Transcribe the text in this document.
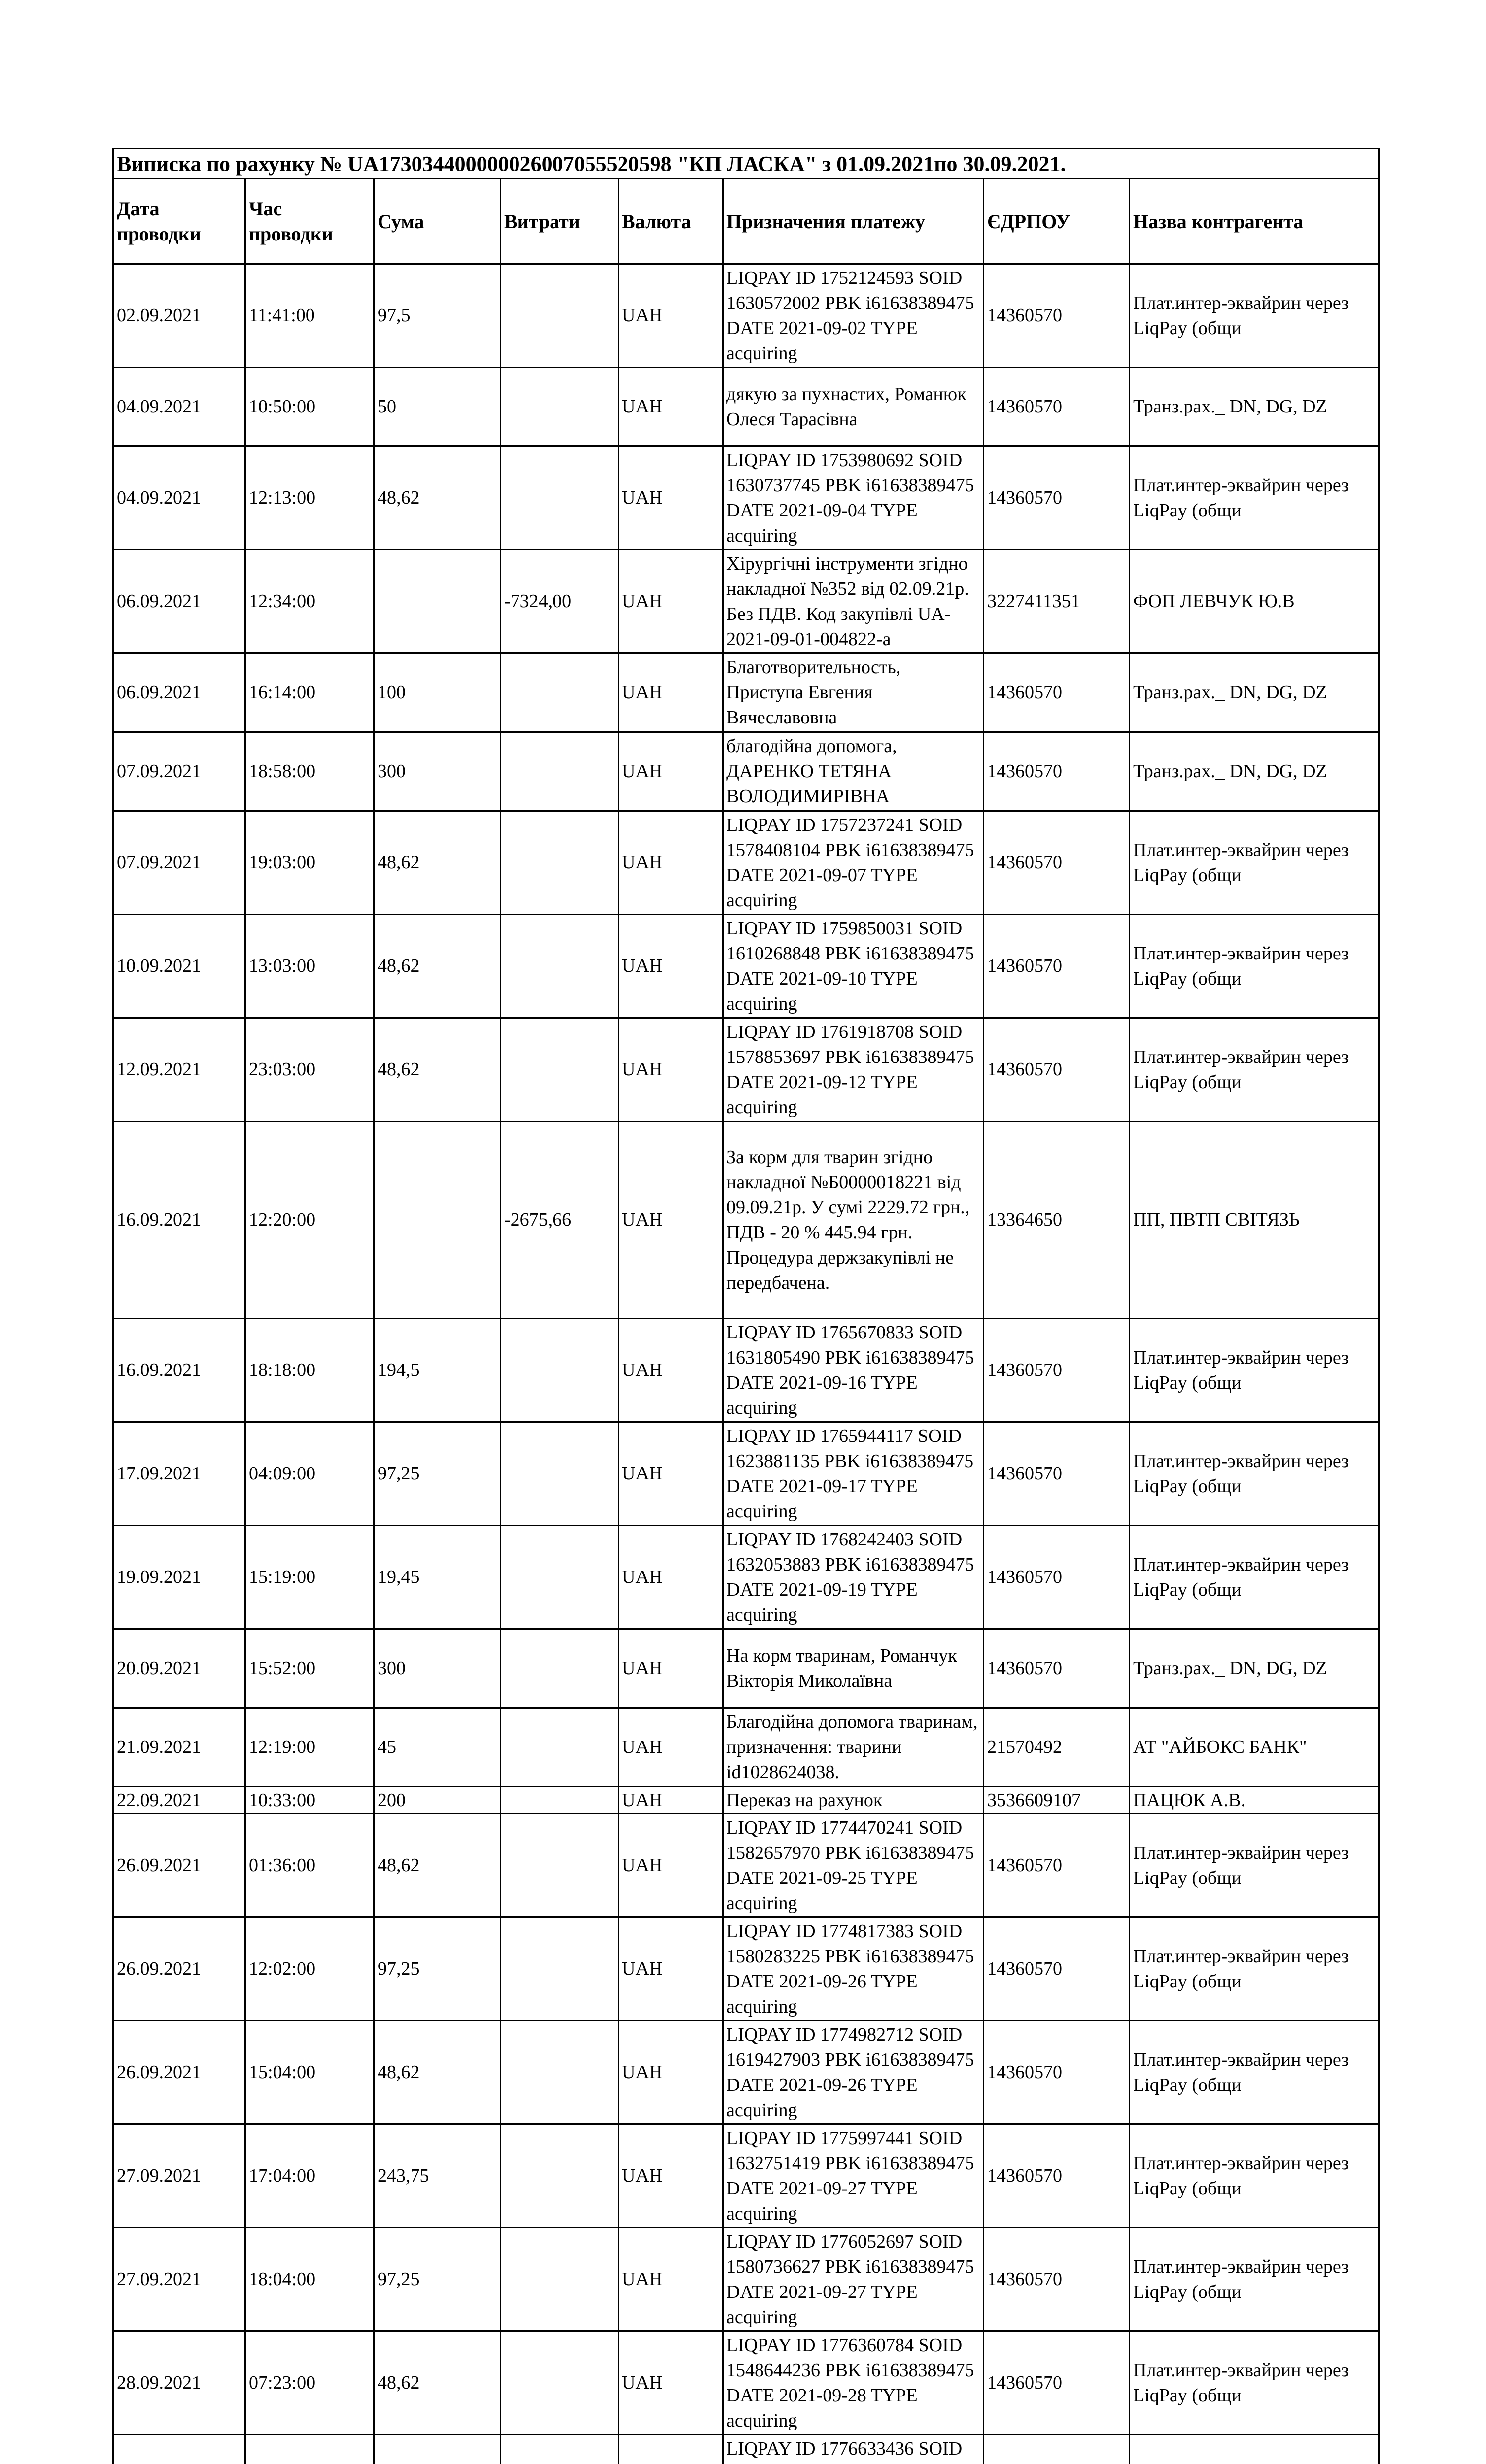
Виписка по рахунку № UA173034400000026007055520598 "КП ЛАСКА" з 01.09.2021по 30.09.2021.							
Дата проводки	Час проводки	Сума	Витрати	Валюта	Призначения платежу	ЄДРПОУ	Назва контрагента
02.09.2021	11:41:00	97,5		UAH	LIQPAY ID 1752124593 SOID 1630572002 PBK i61638389475 DATE 2021-09-02 TYPE acquiring	14360570	Плат.интер-эквайрин через LiqPay (общи
04.09.2021	10:50:00	50		UAH	дякую за пухнастих, Романюк Олеся Тарасівна	14360570	Транз.рах._ DN, DG, DZ
04.09.2021	12:13:00	48,62		UAH	LIQPAY ID 1753980692 SOID 1630737745 PBK i61638389475 DATE 2021-09-04 TYPE acquiring	14360570	Плат.интер-эквайрин через LiqPay (общи
06.09.2021	12:34:00		-7324,00	UAH	Хірургічні інструменти згідно накладної №352 від 02.09.21р. Без ПДВ. Код закупівлі UA-2021-09-01-004822-a	3227411351	ФОП ЛЕВЧУК Ю.В
06.09.2021	16:14:00	100		UAH	Благотворительность, Приступа Евгения Вячеславовна	14360570	Транз.рах._ DN, DG, DZ
07.09.2021	18:58:00	300		UAH	благодійна допомога, ДАРЕНКО ТЕТЯНА ВОЛОДИМИРІВНА	14360570	Транз.рах._ DN, DG, DZ
07.09.2021	19:03:00	48,62		UAH	LIQPAY ID 1757237241 SOID 1578408104 PBK i61638389475 DATE 2021-09-07 TYPE acquiring	14360570	Плат.интер-эквайрин через LiqPay (общи
10.09.2021	13:03:00	48,62		UAH	LIQPAY ID 1759850031 SOID 1610268848 PBK i61638389475 DATE 2021-09-10 TYPE acquiring	14360570	Плат.интер-эквайрин через LiqPay (общи
12.09.2021	23:03:00	48,62		UAH	LIQPAY ID 1761918708 SOID 1578853697 PBK i61638389475 DATE 2021-09-12 TYPE acquiring	14360570	Плат.интер-эквайрин через LiqPay (общи
16.09.2021	12:20:00		-2675,66	UAH	За корм для тварин згідно накладної №Б0000018221 від 09.09.21р. У сумі 2229.72 грн., ПДВ - 20 % 445.94 грн. Процедура держзакупівлі не передбачена.	13364650	ПП, ПВТП СВІТЯЗЬ
16.09.2021	18:18:00	194,5		UAH	LIQPAY ID 1765670833 SOID 1631805490 PBK i61638389475 DATE 2021-09-16 TYPE acquiring	14360570	Плат.интер-эквайрин через LiqPay (общи
17.09.2021	04:09:00	97,25		UAH	LIQPAY ID 1765944117 SOID 1623881135 PBK i61638389475 DATE 2021-09-17 TYPE acquiring	14360570	Плат.интер-эквайрин через LiqPay (общи
19.09.2021	15:19:00	19,45		UAH	LIQPAY ID 1768242403 SOID 1632053883 PBK i61638389475 DATE 2021-09-19 TYPE acquiring	14360570	Плат.интер-эквайрин через LiqPay (общи
20.09.2021	15:52:00	300		UAH	На корм тваринам, Романчук Вікторія Миколаївна	14360570	Транз.рах._ DN, DG, DZ
21.09.2021	12:19:00	45		UAH	Благодійна допомога тваринам, призначення: тварини id1028624038.	21570492	АТ "АЙБОКС БАНК"
22.09.2021	10:33:00	200		UAH	Переказ на рахунок	3536609107	ПАЦЮК А.В.
26.09.2021	01:36:00	48,62		UAH	LIQPAY ID 1774470241 SOID 1582657970 PBK i61638389475 DATE 2021-09-25 TYPE acquiring	14360570	Плат.интер-эквайрин через LiqPay (общи
26.09.2021	12:02:00	97,25		UAH	LIQPAY ID 1774817383 SOID 1580283225 PBK i61638389475 DATE 2021-09-26 TYPE acquiring	14360570	Плат.интер-эквайрин через LiqPay (общи
26.09.2021	15:04:00	48,62		UAH	LIQPAY ID 1774982712 SOID 1619427903 PBK i61638389475 DATE 2021-09-26 TYPE acquiring	14360570	Плат.интер-эквайрин через LiqPay (общи
27.09.2021	17:04:00	243,75		UAH	LIQPAY ID 1775997441 SOID 1632751419 PBK i61638389475 DATE 2021-09-27 TYPE acquiring	14360570	Плат.интер-эквайрин через LiqPay (общи
27.09.2021	18:04:00	97,25		UAH	LIQPAY ID 1776052697 SOID 1580736627 PBK i61638389475 DATE 2021-09-27 TYPE acquiring	14360570	Плат.интер-эквайрин через LiqPay (общи
28.09.2021	07:23:00	48,62		UAH	LIQPAY ID 1776360784 SOID 1548644236 PBK i61638389475 DATE 2021-09-28 TYPE acquiring	14360570	Плат.интер-эквайрин через LiqPay (общи
					LIQPAY ID 1776633436 SOID		
